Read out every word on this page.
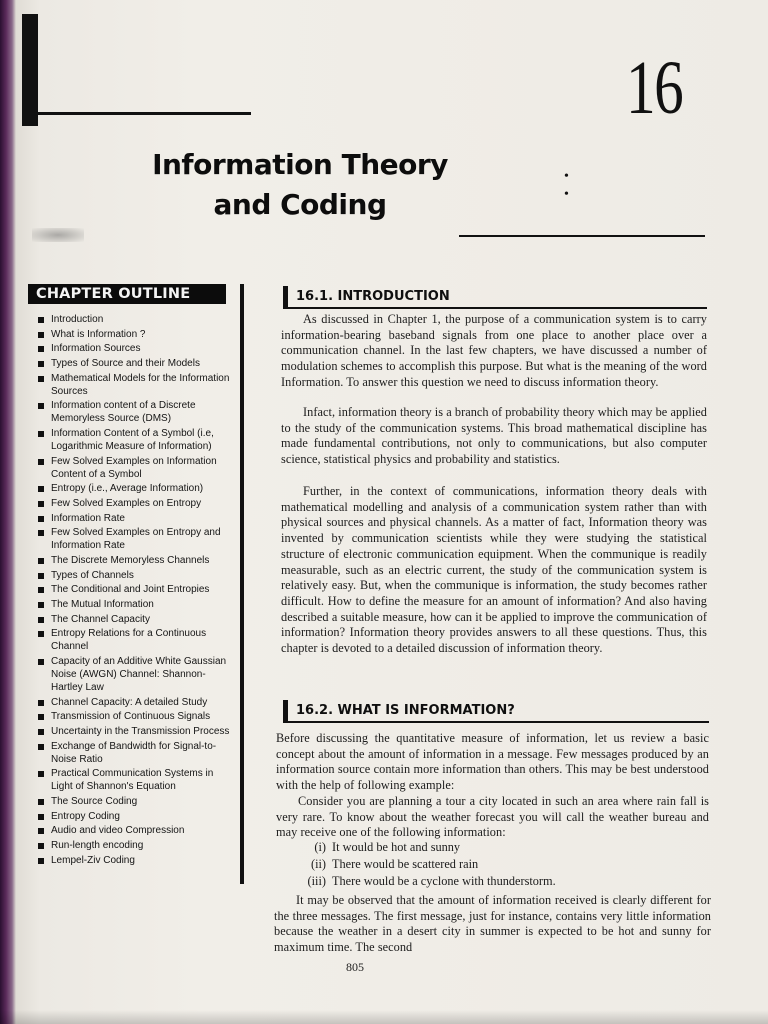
16
Information Theory
and Coding
•
•
CHAPTER OUTLINE
Introduction
What is Information ?
Information Sources
Types of Source and their Models
Mathematical Models for the Information Sources
Information content of a Discrete Memoryless Source (DMS)
Information Content of a Symbol (i.e, Logarithmic Measure of Information)
Few Solved Examples on Information Content of a Symbol
Entropy (i.e., Average Information)
Few Solved Examples on Entropy
Information Rate
Few Solved Examples on Entropy and Information Rate
The Discrete Memoryless Channels
Types of Channels
The Conditional and Joint Entropies
The Mutual Information
The Channel Capacity
Entropy Relations for a Continuous Channel
Capacity of an Additive White Gaussian Noise (AWGN) Channel: Shannon-Hartley Law
Channel Capacity: A detailed Study
Transmission of Continuous Signals
Uncertainty in the Transmission Process
Exchange of Bandwidth for Signal-to-Noise Ratio
Practical Communication Systems in Light of Shannon's Equation
The Source Coding
Entropy Coding
Audio and video Compression
Run-length encoding
Lempel-Ziv Coding
16.1. INTRODUCTION

As discussed in Chapter 1, the purpose of a communication system is to carry information-bearing baseband signals from one place to another place over a communication channel. In the last few chapters, we have discussed a number of modulation schemes to accomplish this purpose. But what is the meaning of the word Information. To answer this question we need to discuss information theory.

Infact, information theory is a branch of probability theory which may be applied to the study of the communication systems. This broad mathematical discipline has made fundamental contributions, not only to communications, but also computer science, statistical physics and probability and statistics.

Further, in the context of communications, information theory deals with mathematical modelling and analysis of a communication system rather than with physical sources and physical channels. As a matter of fact, Information theory was invented by communication scientists while they were studying the statistical structure of electronic communication equipment. When the communique is readily measurable, such as an electric current, the study of the communication system is relatively easy. But, when the communique is information, the study becomes rather difficult. How to define the measure for an amount of information? And also having described a suitable measure, how can it be applied to improve the communication of information? Information theory provides answers to all these questions. Thus, this chapter is devoted to a detailed discussion of information theory.

16.2. WHAT IS INFORMATION?

Before discussing the quantitative measure of information, let us review a basic concept about the amount of information in a message. Few messages produced by an information source contain more information than others. This may be best understood with the help of following example:

Consider you are planning a tour a city located in such an area where rain fall is very rare. To know about the weather forecast you will call the weather bureau and may receive one of the following information:

(i) It would be hot and sunny
(ii) There would be scattered rain
(iii) There would be a cyclone with thunderstorm.

It may be observed that the amount of information received is clearly different for the three messages. The first message, just for instance, contains very little information because the weather in a desert city in summer is expected to be hot and sunny for maximum time. The second

805
